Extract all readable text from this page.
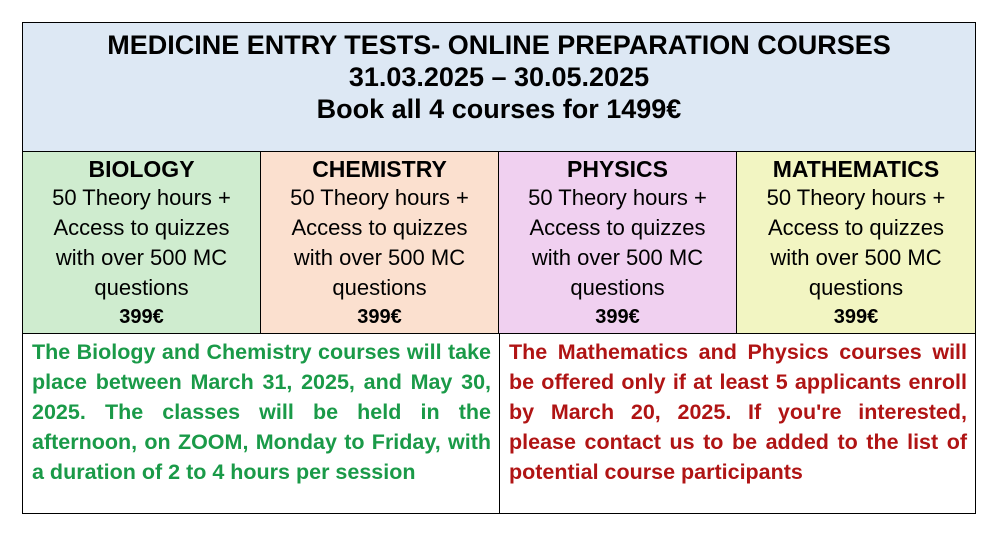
MEDICINE ENTRY TESTS- ONLINE PREPARATION COURSES
31.03.2025 – 30.05.2025
Book all 4 courses for 1499€
BIOLOGY
50 Theory hours +
Access to quizzes
with over 500 MC
questions
399€
CHEMISTRY
50 Theory hours +
Access to quizzes
with over 500 MC
questions
399€
PHYSICS
50 Theory hours +
Access to quizzes
with over 500 MC
questions
399€
MATHEMATICS
50 Theory hours +
Access to quizzes
with over 500 MC
questions
399€
The Biology and Chemistry courses will take place between March 31, 2025, and May 30, 2025. The classes will be held in the afternoon, on ZOOM, Monday to Friday, with a duration of 2 to 4 hours per session
The Mathematics and Physics courses will be offered only if at least 5 applicants enroll by March 20, 2025. If you're interested, please contact us to be added to the list of potential course participants
